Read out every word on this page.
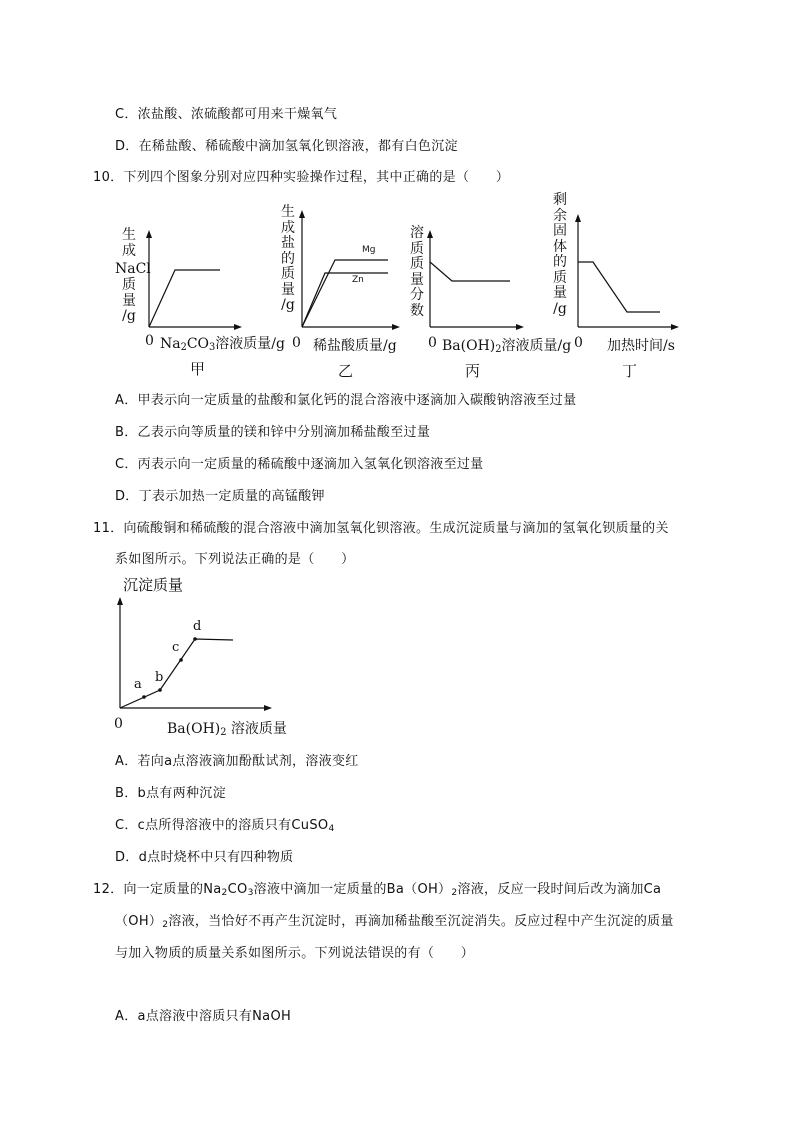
C．浓盐酸、浓硫酸都可用来干燥氧气
D．在稀盐酸、稀硫酸中滴加氢氧化钡溶液，都有白色沉淀
10．下列四个图象分别对应四种实验操作过程，其中正确的是（　　）
生
成
NaCl
质
量
/g
0 $Na_2CO_3$溶液质量/g
甲
生
成
盐
的
质
量
/g
Mg
Zn
0 稀盐酸质量/g
乙
溶
质
质
量
分
数
0 $Ba(OH)_2$溶液质量/g
丙
剩
余
固
体
的
质
量
/g
0 加热时间/s
丁
A．甲表示向一定质量的盐酸和氯化钙的混合溶液中逐滴加入碳酸钠溶液至过量
B．乙表示向等质量的镁和锌中分别滴加稀盐酸至过量
C．丙表示向一定质量的稀硫酸中逐滴加入氢氧化钡溶液至过量
D．丁表示加热一定质量的高锰酸钾
11．向硫酸铜和稀硫酸的混合溶液中滴加氢氧化钡溶液。生成沉淀质量与滴加的氢氧化钡质量的关
系如图所示。下列说法正确的是（　　）
沉淀质量
a b
c
d
0	$Ba(OH)_2$ 溶液质量
A．若向a点溶液滴加酚酞试剂，溶液变红
B．b点有两种沉淀
C．c点所得溶液中的溶质只有CuSO$_4$
D．d点时烧杯中只有四种物质
12．向一定质量的$Na_2CO_3$溶液中滴加一定质量的$Ba(OH)_2$溶液，反应一段时间后改为滴加Ca
$(OH)_2$溶液，当恰好不再产生沉淀时，再滴加稀盐酸至沉淀消失。反应过程中产生沉淀的质量
与加入物质的质量关系如图所示。下列说法错误的有（　　）
A．a点溶液中溶质只有NaOH
